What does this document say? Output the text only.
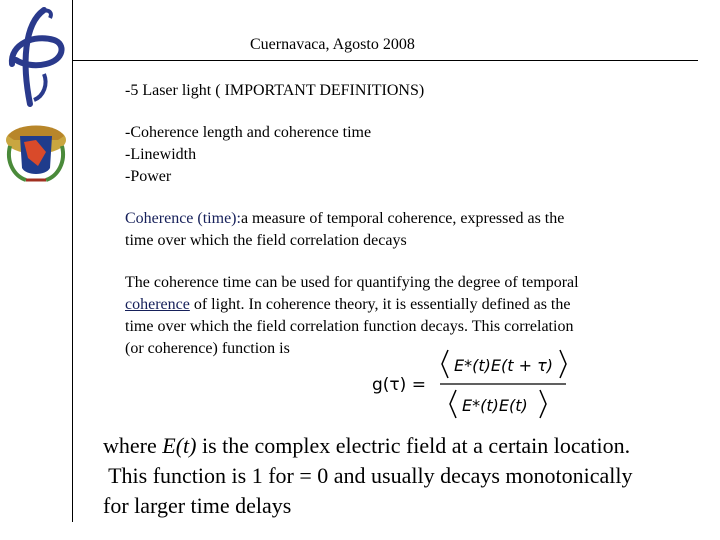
Cuernavaca, Agosto 2008
-5 Laser light ( IMPORTANT DEFINITIONS)
-Coherence length and coherence time
-Linewidth
-Power
Coherence (time):a measure of temporal coherence, expressed as the
time over which the field correlation decays
The coherence time can be used for quantifying the degree of temporal
coherence of light. In coherence theory, it is essentially defined as the
time over which the field correlation function decays. This correlation
(or coherence) function is
g(τ) =
E*(t)E(t + τ)
E*(t)E(t)
where E(t) is the complex electric field at a certain location.
This function is 1 for = 0 and usually decays monotonically
for larger time delays
